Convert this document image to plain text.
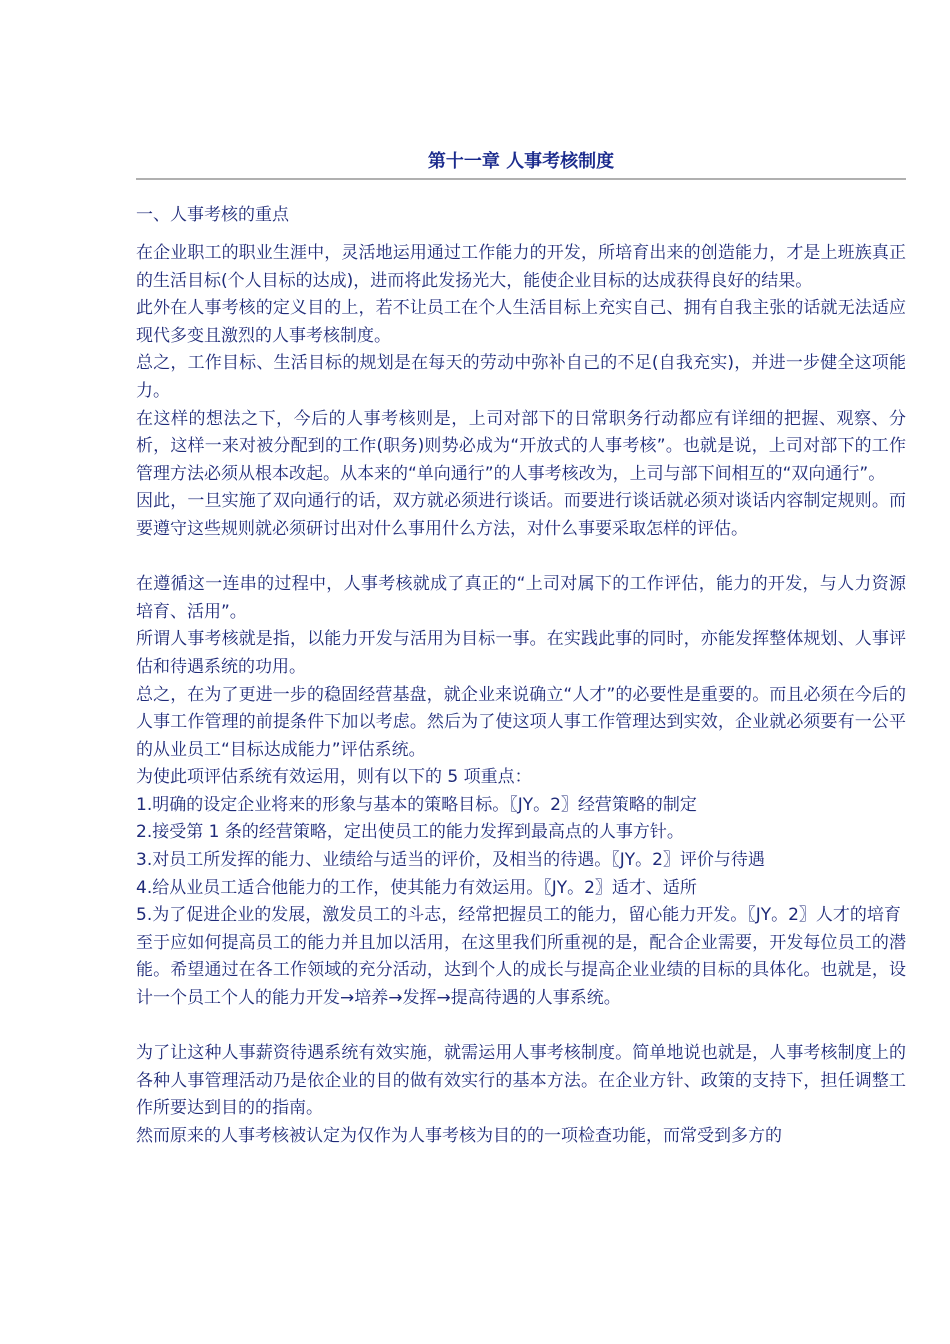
第十一章 人事考核制度
一、人事考核的重点

在企业职工的职业生涯中，灵活地运用通过工作能力的开发，所培育出来的创造能力，才是上班族真正的生活目标(个人目标的达成)，进而将此发扬光大，能使企业目标的达成获得良好的结果。

此外在人事考核的定义目的上，若不让员工在个人生活目标上充实自己、拥有自我主张的话就无法适应现代多变且激烈的人事考核制度。

总之，工作目标、生活目标的规划是在每天的劳动中弥补自己的不足(自我充实)，并进一步健全这项能力。

在这样的想法之下，今后的人事考核则是，上司对部下的日常职务行动都应有详细的把握、观察、分析，这样一来对被分配到的工作(职务)则势必成为“开放式的人事考核”。也就是说，上司对部下的工作管理方法必须从根本改起。从本来的“单向通行”的人事考核改为，上司与部下间相互的“双向通行”。

因此，一旦实施了双向通行的话，双方就必须进行谈话。而要进行谈话就必须对谈话内容制定规则。而要遵守这些规则就必须研讨出对什么事用什么方法，对什么事要采取怎样的评估。

在遵循这一连串的过程中，人事考核就成了真正的“上司对属下的工作评估，能力的开发，与人力资源培育、活用”。

所谓人事考核就是指，以能力开发与活用为目标一事。在实践此事的同时，亦能发挥整体规划、人事评估和待遇系统的功用。

总之，在为了更进一步的稳固经营基盘，就企业来说确立“人才”的必要性是重要的。而且必须在今后的人事工作管理的前提条件下加以考虑。然后为了使这项人事工作管理达到实效，企业就必须要有一公平的从业员工“目标达成能力”评估系统。

为使此项评估系统有效运用，则有以下的 5 项重点：

1.明确的设定企业将来的形象与基本的策略目标。〖JY。2〗经营策略的制定

2.接受第 1 条的经营策略，定出使员工的能力发挥到最高点的人事方针。

3.对员工所发挥的能力、业绩给与适当的评价，及相当的待遇。〖JY。2〗评价与待遇

4.给从业员工适合他能力的工作，使其能力有效运用。〖JY。2〗适才、适所

5.为了促进企业的发展，激发员工的斗志，经常把握员工的能力，留心能力开发。〖JY。2〗人才的培育

至于应如何提高员工的能力并且加以活用，在这里我们所重视的是，配合企业需要，开发每位员工的潜能。希望通过在各工作领域的充分活动，达到个人的成长与提高企业业绩的目标的具体化。也就是，设计一个员工个人的能力开发→培养→发挥→提高待遇的人事系统。

为了让这种人事薪资待遇系统有效实施，就需运用人事考核制度。简单地说也就是，人事考核制度上的各种人事管理活动乃是依企业的目的做有效实行的基本方法。在企业方针、政策的支持下，担任调整工作所要达到目的的指南。

然而原来的人事考核被认定为仅作为人事考核为目的的一项检查功能，而常受到多方的
